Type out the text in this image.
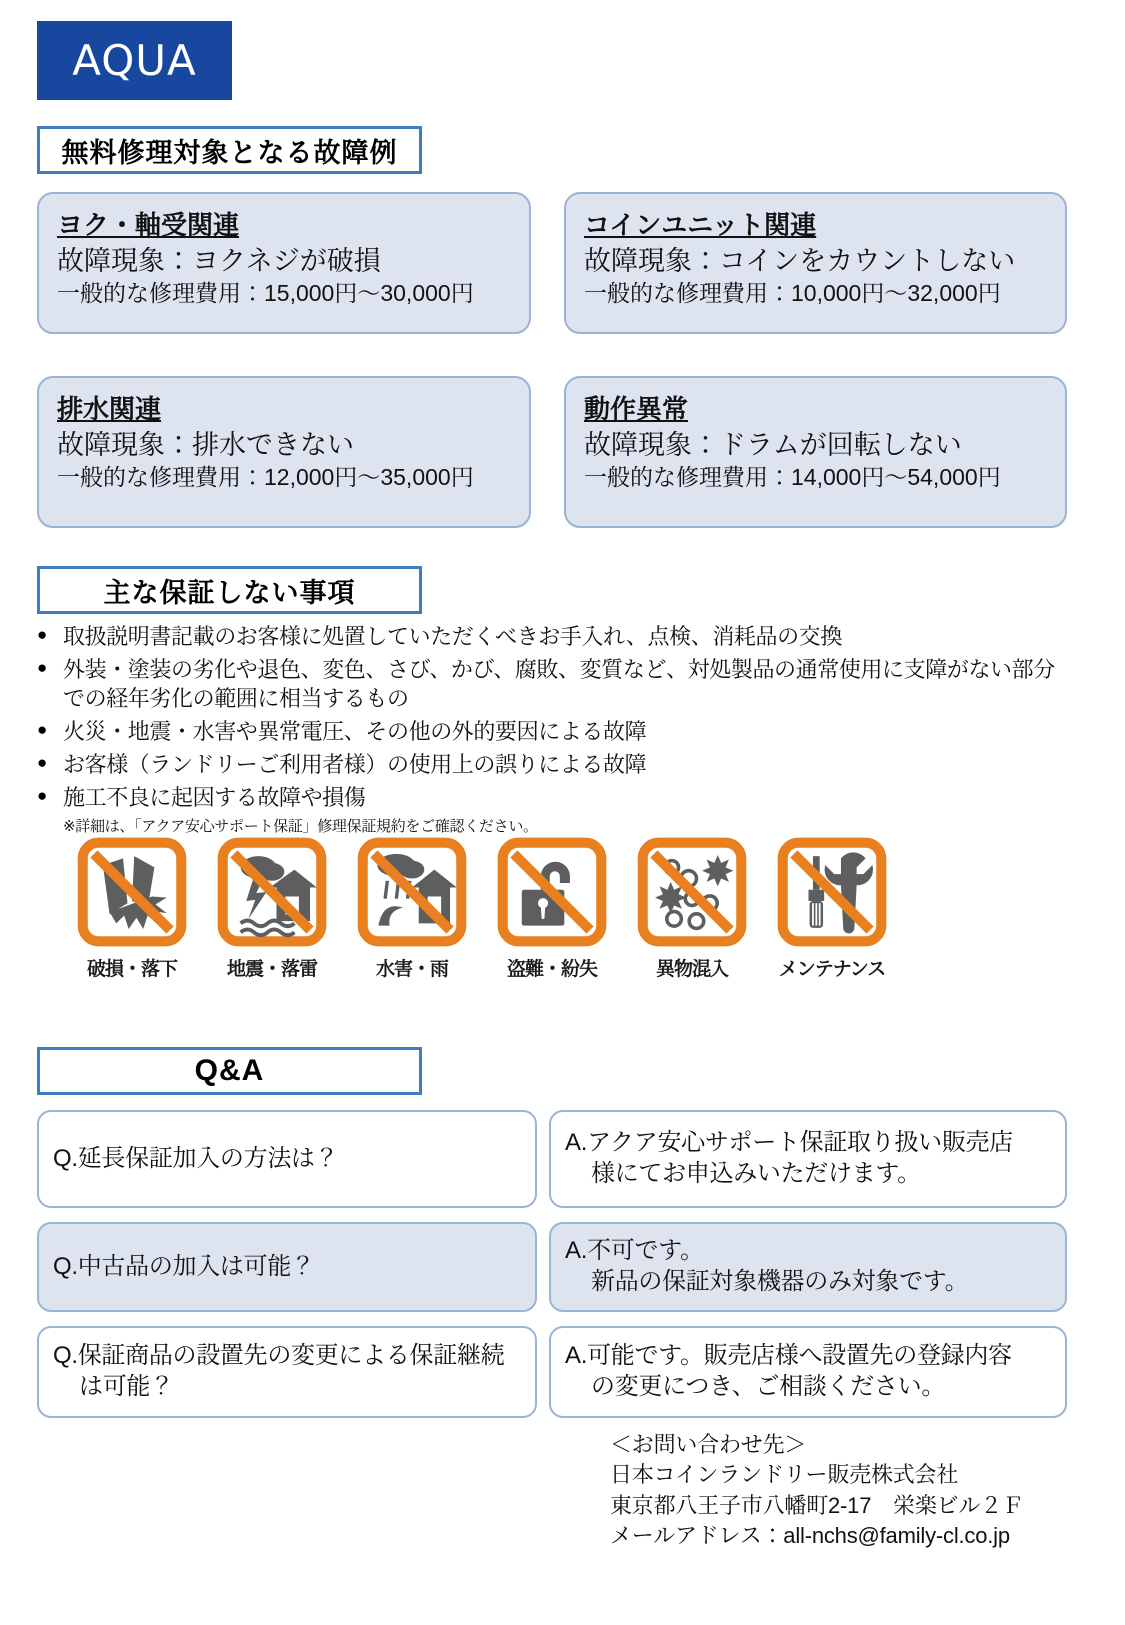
AQUA
無料修理対象となる故障例
ヨク・軸受関連
故障現象：ヨクネジが破損
一般的な修理費用：15,000円～30,000円
コインユニット関連
故障現象：コインをカウントしない
一般的な修理費用：10,000円～32,000円
排水関連
故障現象：排水できない
一般的な修理費用：12,000円～35,000円
動作異常
故障現象：ドラムが回転しない
一般的な修理費用：14,000円～54,000円
主な保証しない事項
● 取扱説明書記載のお客様に処置していただくべきお手入れ、点検、消耗品の交換
● 外装・塗装の劣化や退色、変色、さび、かび、腐敗、変質など、対処製品の通常使用に支障がない部分での経年劣化の範囲に相当するもの
● 火災・地震・水害や異常電圧、その他の外的要因による故障
● お客様（ランドリーご利用者様）の使用上の誤りによる故障
● 施工不良に起因する故障や損傷
※詳細は、「アクア安心サポート保証」修理保証規約をご確認ください。
破損・落下	地震・落雷	水害・雨	盗難・紛失	異物混入	メンテナンス
Q&A
Q.延長保証加入の方法は？
A.アクア安心サポート保証取り扱い販売店
様にてお申込みいただけます。
Q.中古品の加入は可能？
A.不可です。
新品の保証対象機器のみ対象です。
Q.保証商品の設置先の変更による保証継続
は可能？
A.可能です。販売店様へ設置先の登録内容
の変更につき、ご相談ください。
＜お問い合わせ先＞
日本コインランドリー販売株式会社
東京都八王子市八幡町2-17　栄楽ビル２Ｆ
メールアドレス：all-nchs@family-cl.co.jp
